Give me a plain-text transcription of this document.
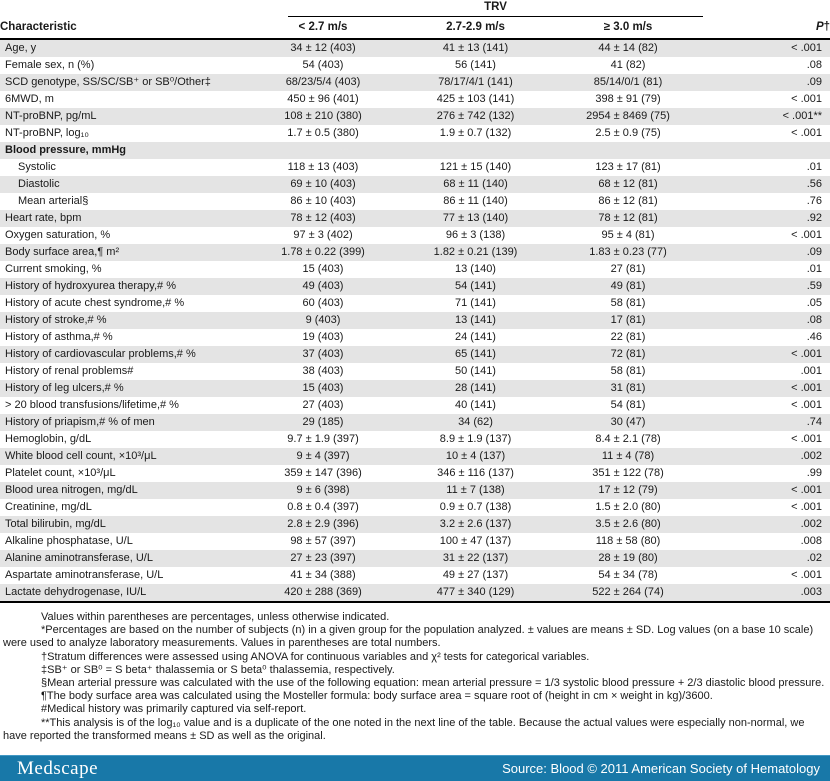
	TRV			

Characteristic	< 2.7 m/s	2.7-2.9 m/s	≥ 3.0 m/s	P†
Age, y	34 ± 12 (403)	41 ± 13 (141)	44 ± 14 (82)	< .001
Female sex, n (%)	54 (403)	56 (141)	41 (82)	.08
SCD genotype, SS/SC/SB⁺ or SB⁰/Other‡	68/23/5/4 (403)	78/17/4/1 (141)	85/14/0/1 (81)	.09
6MWD, m	450 ± 96 (401)	425 ± 103 (141)	398 ± 91 (79)	< .001
NT-proBNP, pg/mL	108 ± 210 (380)	276 ± 742 (132)	2954 ± 8469 (75)	< .001**
NT-proBNP, log₁₀	1.7 ± 0.5 (380)	1.9 ± 0.7 (132)	2.5 ± 0.9 (75)	< .001
Blood pressure, mmHg				
Systolic	118 ± 13 (403)	121 ± 15 (140)	123 ± 17 (81)	.01
Diastolic	69 ± 10 (403)	68 ± 11 (140)	68 ± 12 (81)	.56
Mean arterial§	86 ± 10 (403)	86 ± 11 (140)	86 ± 12 (81)	.76
Heart rate, bpm	78 ± 12 (403)	77 ± 13 (140)	78 ± 12 (81)	.92
Oxygen saturation, %	97 ± 3 (402)	96 ± 3 (138)	95 ± 4 (81)	< .001
Body surface area,¶ m²	1.78 ± 0.22 (399)	1.82 ± 0.21 (139)	1.83 ± 0.23 (77)	.09
Current smoking, %	15 (403)	13 (140)	27 (81)	.01
History of hydroxyurea therapy,# %	49 (403)	54 (141)	49 (81)	.59
History of acute chest syndrome,# %	60 (403)	71 (141)	58 (81)	.05
History of stroke,# %	9 (403)	13 (141)	17 (81)	.08
History of asthma,# %	19 (403)	24 (141)	22 (81)	.46
History of cardiovascular problems,# %	37 (403)	65 (141)	72 (81)	< .001
History of renal problems#	38 (403)	50 (141)	58 (81)	.001
History of leg ulcers,# %	15 (403)	28 (141)	31 (81)	< .001
> 20 blood transfusions/lifetime,# %	27 (403)	40 (141)	54 (81)	< .001
History of priapism,# % of men	29 (185)	34 (62)	30 (47)	.74
Hemoglobin, g/dL	9.7 ± 1.9 (397)	8.9 ± 1.9 (137)	8.4 ± 2.1 (78)	< .001
White blood cell count, ×10³/μL	9 ± 4 (397)	10 ± 4 (137)	11 ± 4 (78)	.002
Platelet count, ×10³/μL	359 ± 147 (396)	346 ± 116 (137)	351 ± 122 (78)	.99
Blood urea nitrogen, mg/dL	9 ± 6 (398)	11 ± 7 (138)	17 ± 12 (79)	< .001
Creatinine, mg/dL	0.8 ± 0.4 (397)	0.9 ± 0.7 (138)	1.5 ± 2.0 (80)	< .001
Total bilirubin, mg/dL	2.8 ± 2.9 (396)	3.2 ± 2.6 (137)	3.5 ± 2.6 (80)	.002
Alkaline phosphatase, U/L	98 ± 57 (397)	100 ± 47 (137)	118 ± 58 (80)	.008
Alanine aminotransferase, U/L	27 ± 23 (397)	31 ± 22 (137)	28 ± 19 (80)	.02
Aspartate aminotransferase, U/L	41 ± 34 (388)	49 ± 27 (137)	54 ± 34 (78)	< .001
Lactate dehydrogenase, IU/L	420 ± 288 (369)	477 ± 340 (129)	522 ± 264 (74)	.003

Values within parentheses are percentages, unless otherwise indicated.

*Percentages are based on the number of subjects (n) in a given group for the population analyzed. ± values are means ± SD. Log values (on a base 10 scale) were used to analyze laboratory measurements. Values in parentheses are total numbers.

†Stratum differences were assessed using ANOVA for continuous variables and χ² tests for categorical variables.

‡SB⁺ or SB⁰ = S beta⁺ thalassemia or S beta⁰ thalassemia, respectively.

§Mean arterial pressure was calculated with the use of the following equation: mean arterial pressure = 1/3 systolic blood pressure + 2/3 diastolic blood pressure.

¶The body surface area was calculated using the Mosteller formula: body surface area = square root of (height in cm × weight in kg)/3600.

#Medical history was primarily captured via self-report.

**This analysis is of the log₁₀ value and is a duplicate of the one noted in the next line of the table. Because the actual values were especially non-normal, we have reported the transformed means ± SD as well as the original.

Medscape	Source: Blood © 2011 American Society of Hematology
